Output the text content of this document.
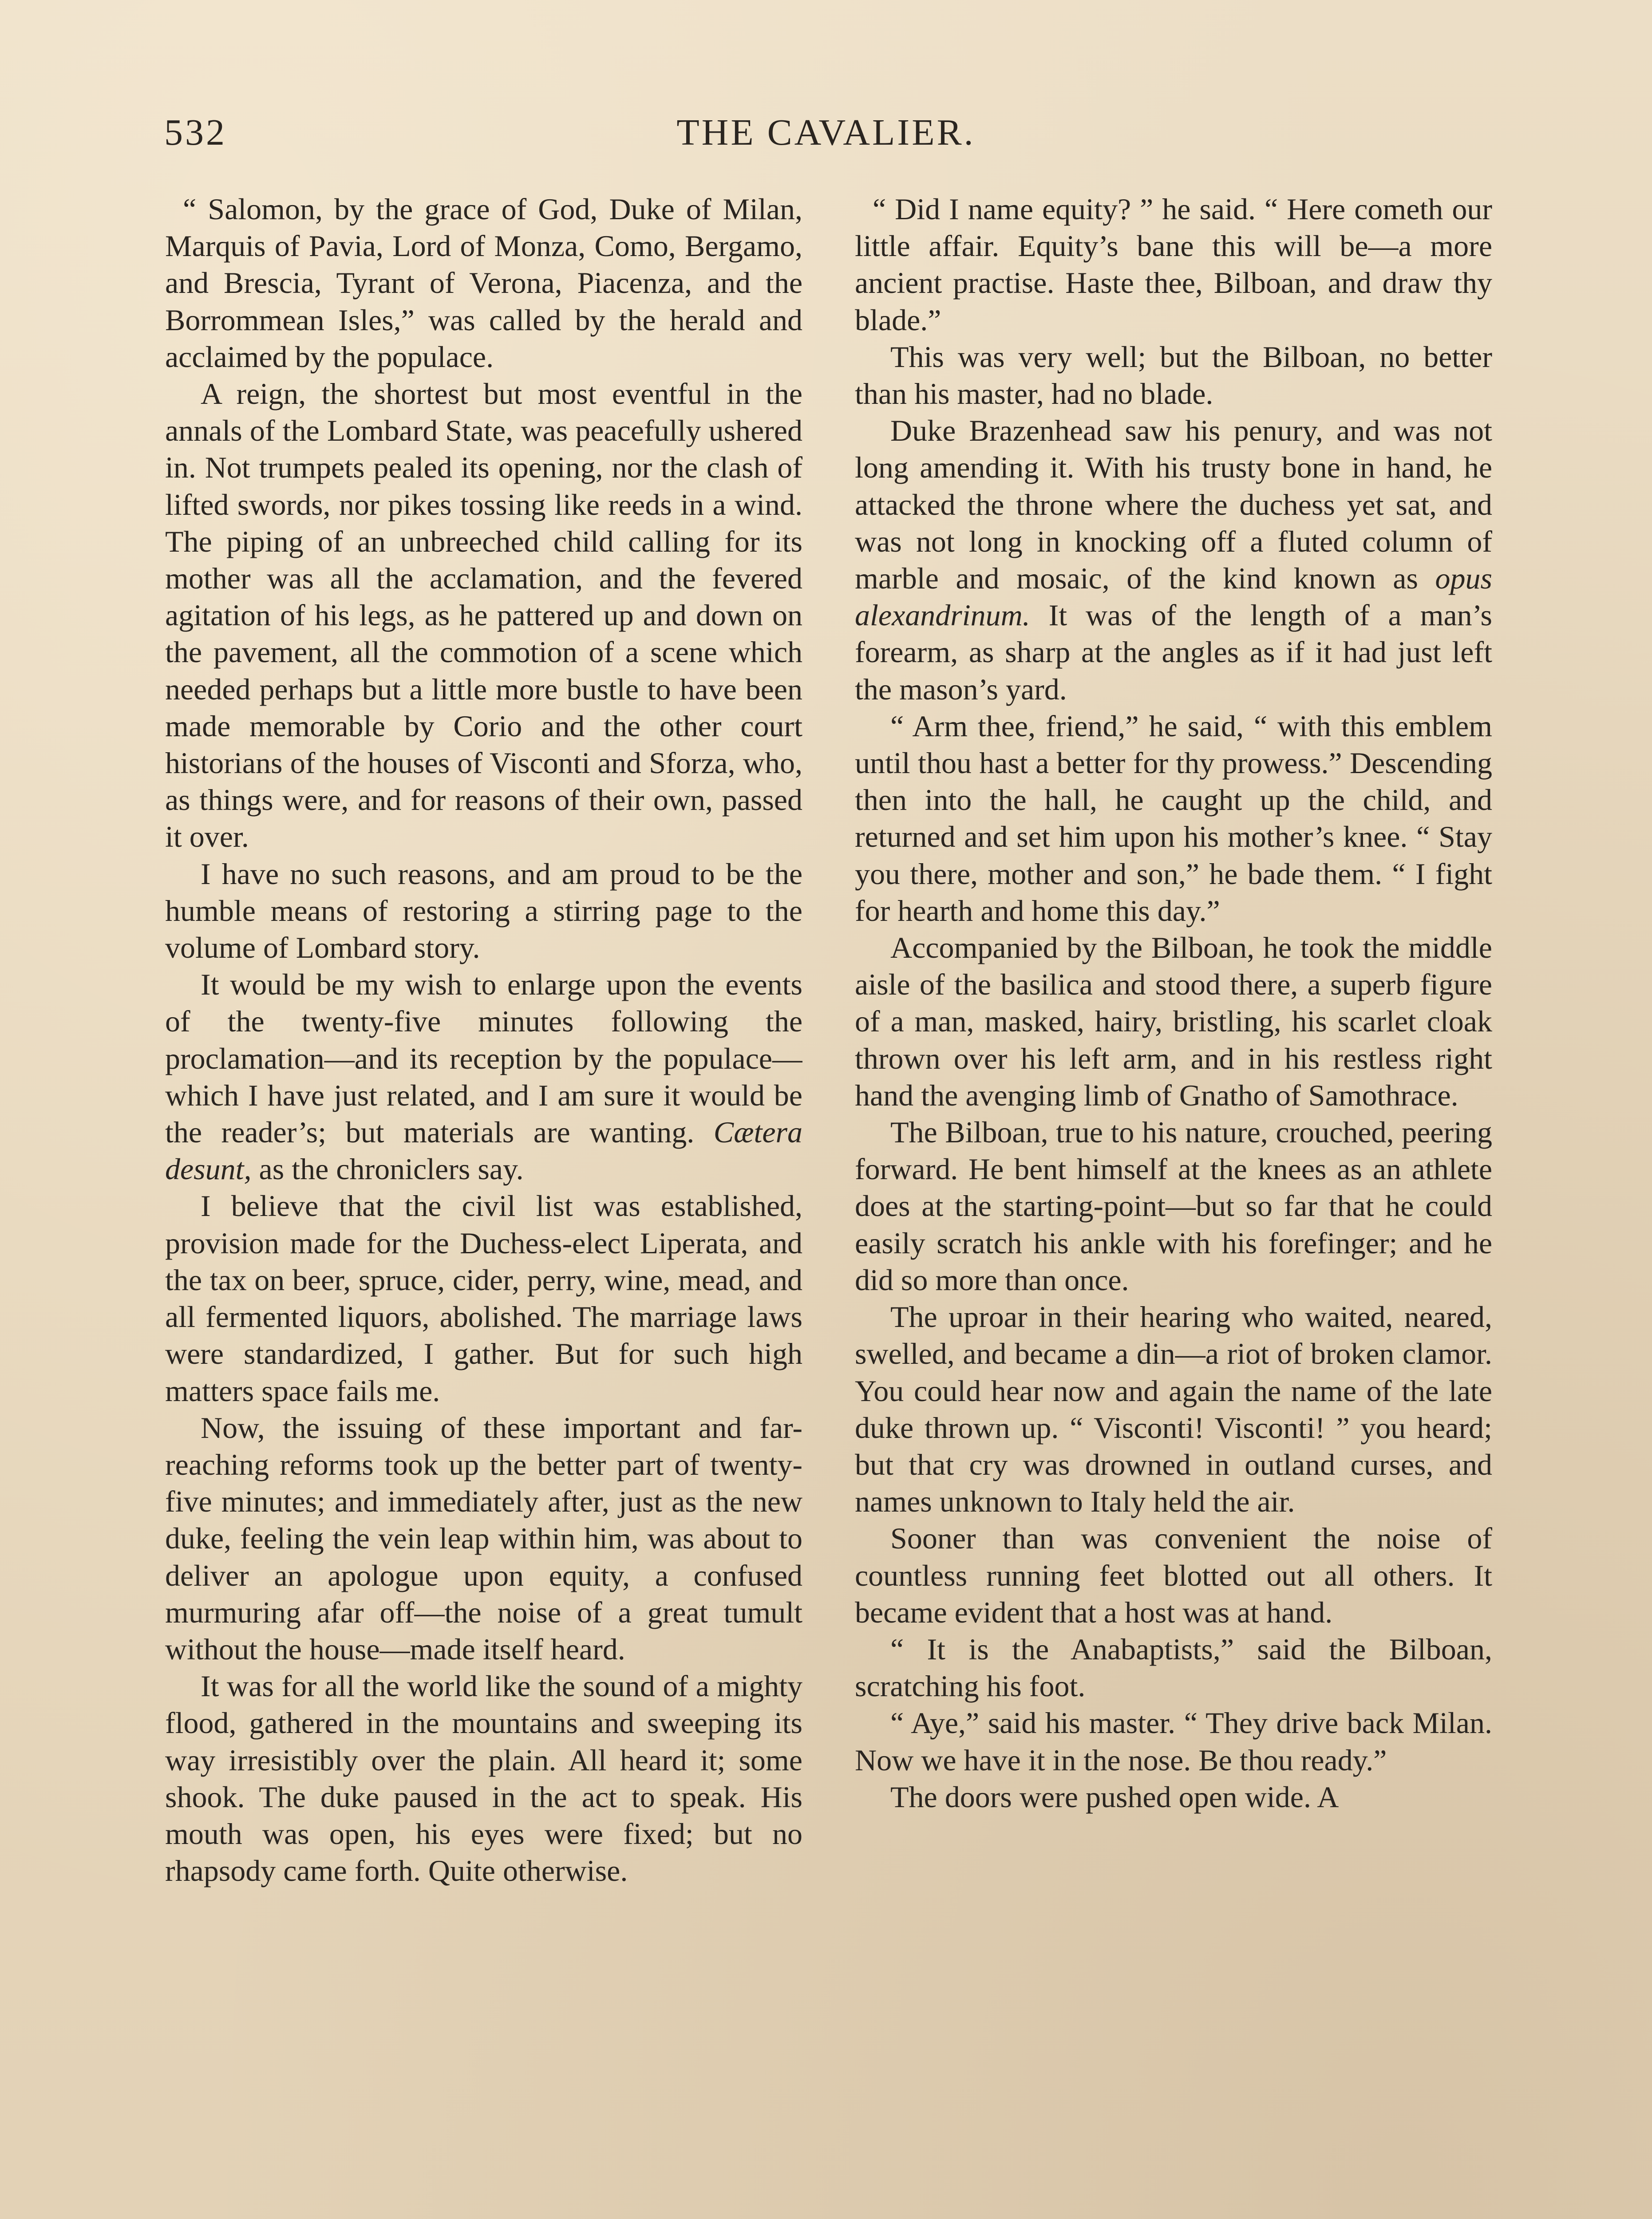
532	THE CAVALIER.

“ Salomon, by the grace of God, Duke of Milan, Marquis of Pavia, Lord of Monza, Como, Bergamo, and Brescia, Tyrant of Verona, Piacenza, and the Borrommean Isles,” was called by the herald and acclaimed by the populace.

A reign, the shortest but most eventful in the annals of the Lombard State, was peacefully ushered in. Not trumpets pealed its opening, nor the clash of lifted swords, nor pikes tossing like reeds in a wind. The piping of an unbreeched child calling for its mother was all the acclamation, and the fevered agitation of his legs, as he pattered up and down on the pavement, all the commotion of a scene which needed perhaps but a little more bustle to have been made memorable by Corio and the other court historians of the houses of Visconti and Sforza, who, as things were, and for reasons of their own, passed it over.

I have no such reasons, and am proud to be the humble means of restoring a stirring page to the volume of Lombard story.

It would be my wish to enlarge upon the events of the twenty-five minutes following the proclamation—and its reception by the populace—which I have just related, and I am sure it would be the reader’s; but materials are wanting. Cætera desunt, as the chroniclers say.

I believe that the civil list was established, provision made for the Duchess-elect Liperata, and the tax on beer, spruce, cider, perry, wine, mead, and all fermented liquors, abolished. The marriage laws were standardized, I gather. But for such high matters space fails me.

Now, the issuing of these important and far-reaching reforms took up the better part of twenty-five minutes; and immediately after, just as the new duke, feeling the vein leap within him, was about to deliver an apologue upon equity, a confused murmuring afar off—the noise of a great tumult without the house—made itself heard.

It was for all the world like the sound of a mighty flood, gathered in the mountains and sweeping its way irresistibly over the plain. All heard it; some shook. The duke paused in the act to speak. His mouth was open, his eyes were fixed; but no rhapsody came forth. Quite otherwise.

“ Did I name equity? ” he said. “ Here cometh our little affair. Equity’s bane this will be—a more ancient practise. Haste thee, Bilboan, and draw thy blade.”

This was very well; but the Bilboan, no better than his master, had no blade.

Duke Brazenhead saw his penury, and was not long amending it. With his trusty bone in hand, he attacked the throne where the duchess yet sat, and was not long in knocking off a fluted column of marble and mosaic, of the kind known as opus alexandrinum. It was of the length of a man’s forearm, as sharp at the angles as if it had just left the mason’s yard.

“ Arm thee, friend,” he said, “ with this emblem until thou hast a better for thy prowess.” Descending then into the hall, he caught up the child, and returned and set him upon his mother’s knee. “ Stay you there, mother and son,” he bade them. “ I fight for hearth and home this day.”

Accompanied by the Bilboan, he took the middle aisle of the basilica and stood there, a superb figure of a man, masked, hairy, bristling, his scarlet cloak thrown over his left arm, and in his restless right hand the avenging limb of Gnatho of Samothrace.

The Bilboan, true to his nature, crouched, peering forward. He bent himself at the knees as an athlete does at the starting-point—but so far that he could easily scratch his ankle with his forefinger; and he did so more than once.

The uproar in their hearing who waited, neared, swelled, and became a din—a riot of broken clamor. You could hear now and again the name of the late duke thrown up. “ Visconti! Visconti! ” you heard; but that cry was drowned in outland curses, and names unknown to Italy held the air.

Sooner than was convenient the noise of countless running feet blotted out all others. It became evident that a host was at hand.

“ It is the Anabaptists,” said the Bilboan, scratching his foot.

“ Aye,” said his master. “ They drive back Milan. Now we have it in the nose. Be thou ready.”

The doors were pushed open wide. A
